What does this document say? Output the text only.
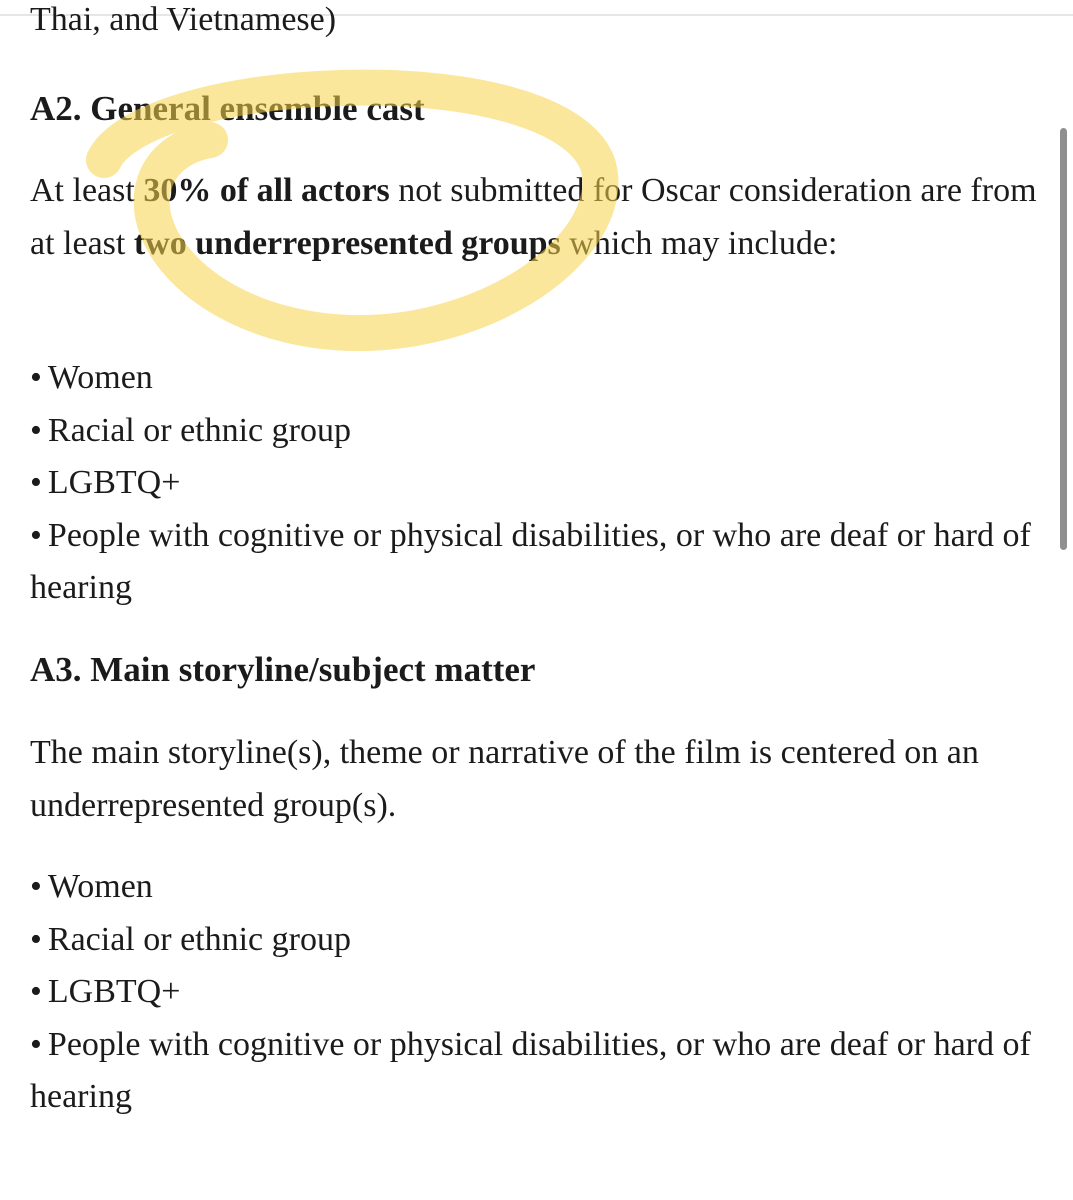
Thai, and Vietnamese)
A2. General ensemble cast

At least 30% of all actors not submitted for Oscar consideration are from at least two underrepresented groups which may include:

• Women
• Racial or ethnic group
• LGBTQ+
• People with cognitive or physical disabilities, or who are deaf or hard of hearing
A3. Main storyline/subject matter

The main storyline(s), theme or narrative of the film is centered on an underrepresented group(s).

• Women
• Racial or ethnic group
• LGBTQ+
• People with cognitive or physical disabilities, or who are deaf or hard of hearing
